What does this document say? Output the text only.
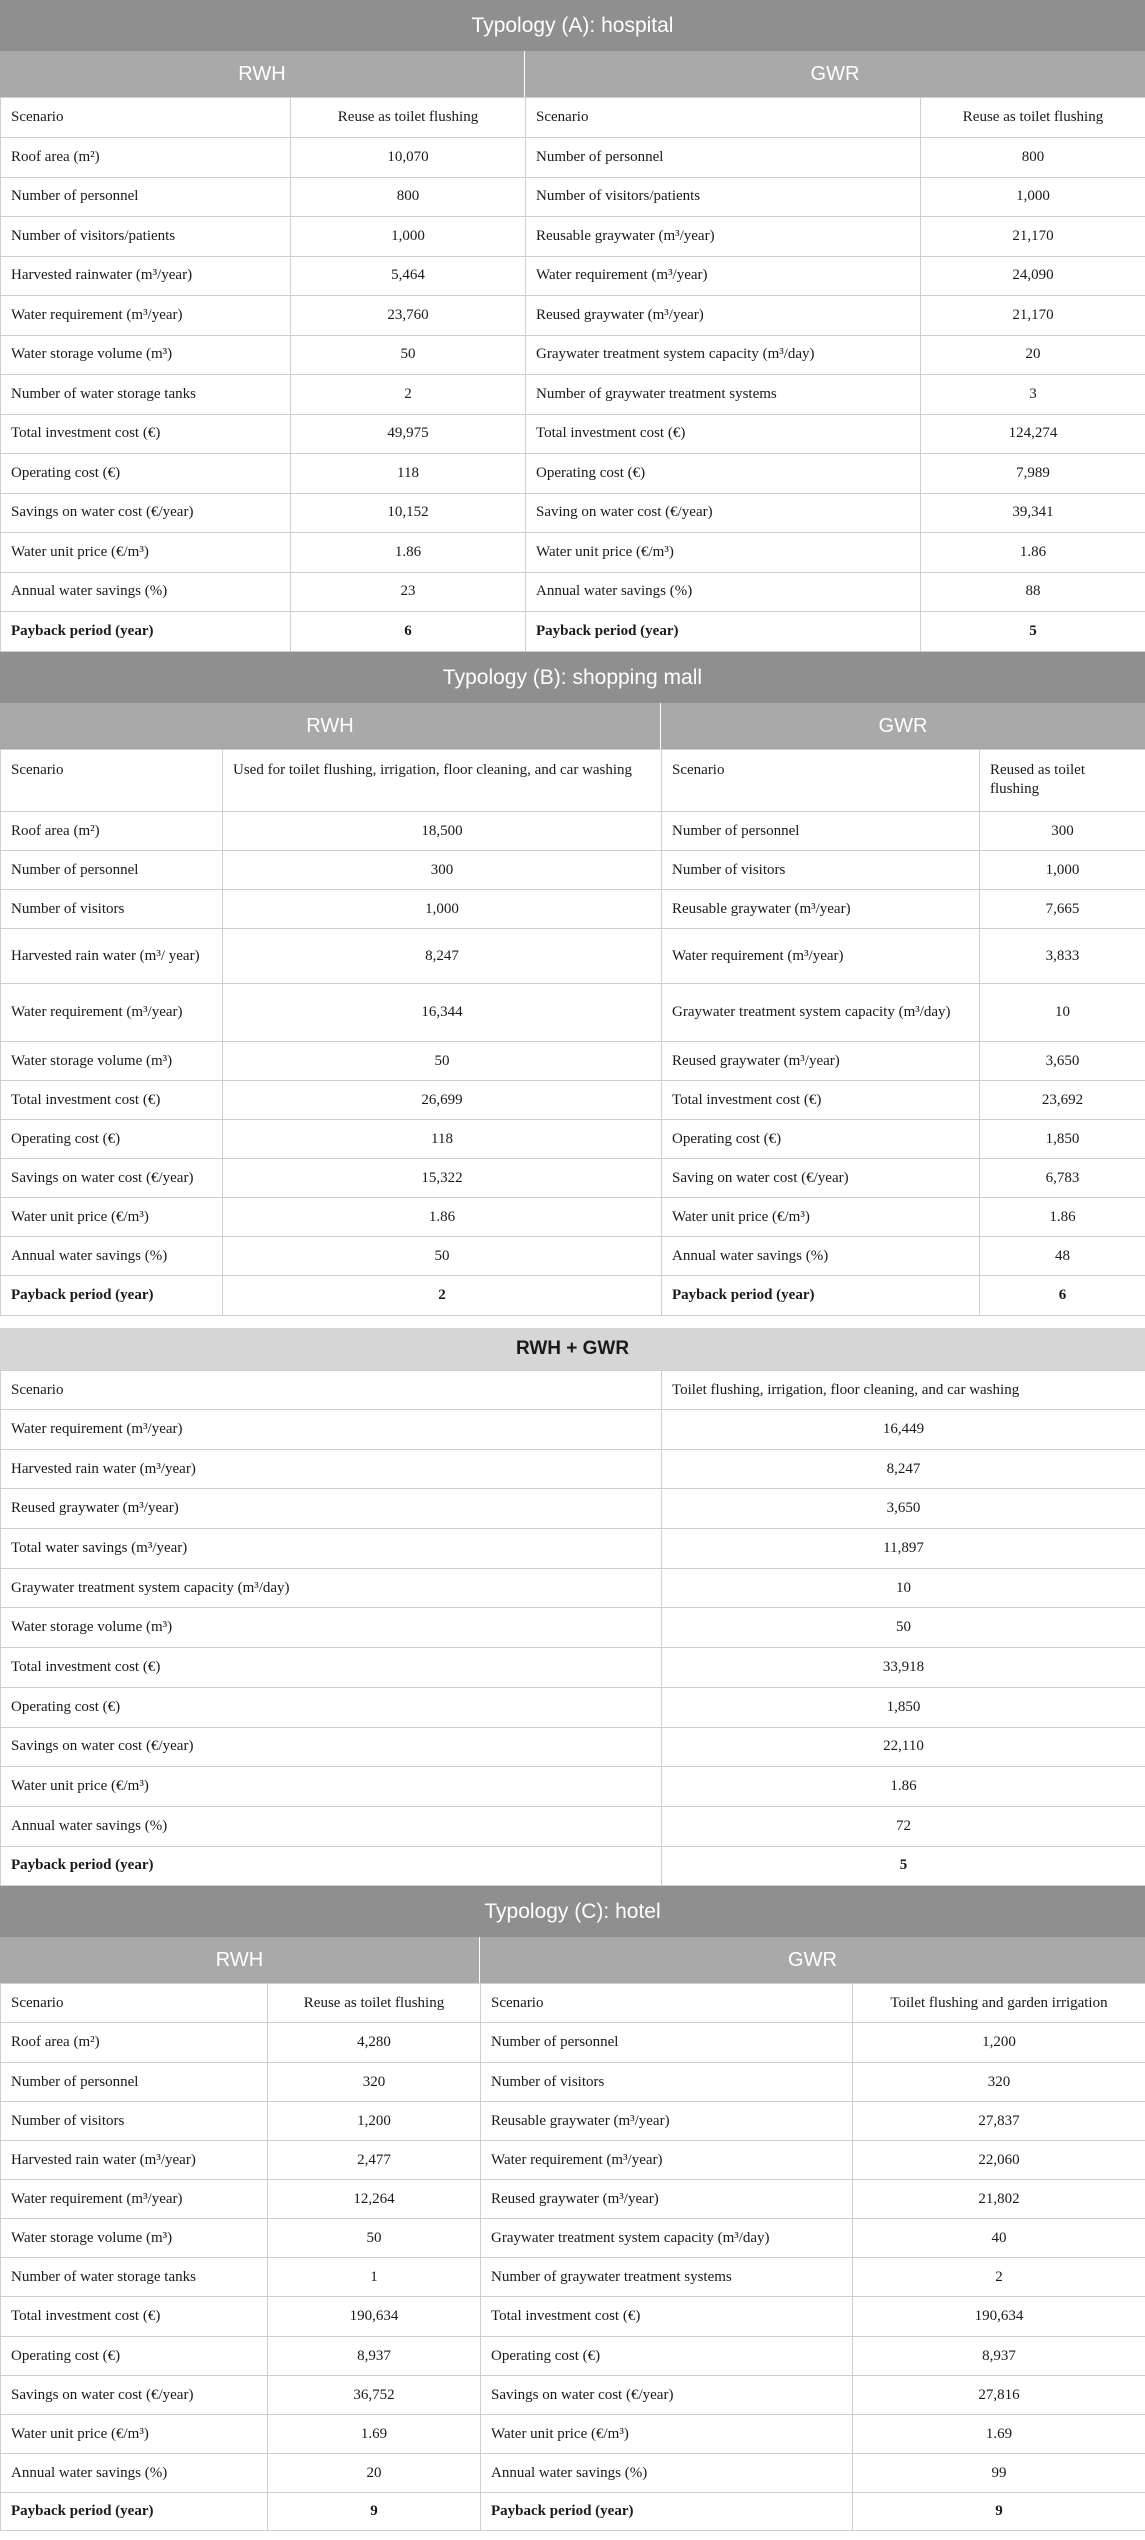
Typology (A): hospital
RWH	GWR
Scenario	Reuse as toilet flushing	Scenario	Reuse as toilet flushing
Roof area (m²)	10,070	Number of personnel	800
Number of personnel	800	Number of visitors/patients	1,000
Number of visitors/patients	1,000	Reusable graywater (m³/year)	21,170
Harvested rainwater (m³/year)	5,464	Water requirement (m³/year)	24,090
Water requirement (m³/year)	23,760	Reused graywater (m³/year)	21,170
Water storage volume (m³)	50	Graywater treatment system capacity (m³/day)	20
Number of water storage tanks	2	Number of graywater treatment systems	3
Total investment cost (€)	49,975	Total investment cost (€)	124,274
Operating cost (€)	118	Operating cost (€)	7,989
Savings on water cost (€/year)	10,152	Saving on water cost (€/year)	39,341
Water unit price (€/m³)	1.86	Water unit price (€/m³)	1.86
Annual water savings (%)	23	Annual water savings (%)	88
Payback period (year)	6	Payback period (year)	5
Typology (B): shopping mall
RWH	GWR
Scenario	Used for toilet flushing, irrigation, floor cleaning, and car washing	Scenario	Reused as toilet flushing
Roof area (m²)	18,500	Number of personnel	300
Number of personnel	300	Number of visitors	1,000
Number of visitors	1,000	Reusable graywater (m³/year)	7,665
Harvested rain water (m³/ year)	8,247	Water requirement (m³/year)	3,833
Water requirement (m³/year)	16,344	Graywater treatment system capacity (m³/day)	10
Water storage volume (m³)	50	Reused graywater (m³/year)	3,650
Total investment cost (€)	26,699	Total investment cost (€)	23,692
Operating cost (€)	118	Operating cost (€)	1,850
Savings on water cost (€/year)	15,322	Saving on water cost (€/year)	6,783
Water unit price (€/m³)	1.86	Water unit price (€/m³)	1.86
Annual water savings (%)	50	Annual water savings (%)	48
Payback period (year)	2	Payback period (year)	6
RWH + GWR
Scenario	Toilet flushing, irrigation, floor cleaning, and car washing
Water requirement (m³/year)	16,449
Harvested rain water (m³/year)	8,247
Reused graywater (m³/year)	3,650
Total water savings (m³/year)	11,897
Graywater treatment system capacity (m³/day)	10
Water storage volume (m³)	50
Total investment cost (€)	33,918
Operating cost (€)	1,850
Savings on water cost (€/year)	22,110
Water unit price (€/m³)	1.86
Annual water savings (%)	72
Payback period (year)	5
Typology (C): hotel
RWH	GWR
Scenario	Reuse as toilet flushing	Scenario	Toilet flushing and garden irrigation
Roof area (m²)	4,280	Number of personnel	1,200
Number of personnel	320	Number of visitors	320
Number of visitors	1,200	Reusable graywater (m³/year)	27,837
Harvested rain water (m³/year)	2,477	Water requirement (m³/year)	22,060
Water requirement (m³/year)	12,264	Reused graywater (m³/year)	21,802
Water storage volume (m³)	50	Graywater treatment system capacity (m³/day)	40
Number of water storage tanks	1	Number of graywater treatment systems	2
Total investment cost (€)	190,634	Total investment cost (€)	190,634
Operating cost (€)	8,937	Operating cost (€)	8,937
Savings on water cost (€/year)	36,752	Savings on water cost (€/year)	27,816
Water unit price (€/m³)	1.69	Water unit price (€/m³)	1.69
Annual water savings (%)	20	Annual water savings (%)	99
Payback period (year)	9	Payback period (year)	9
